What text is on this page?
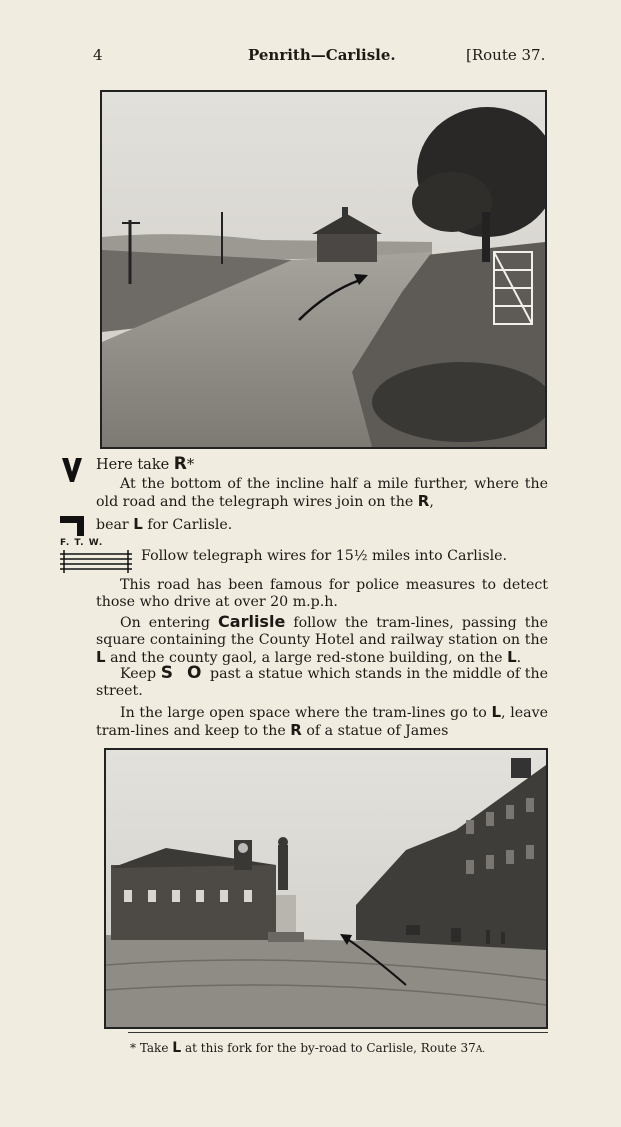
4	Penrith—Carlisle.	[Route 37.
Here take R*
At the bottom of the incline half a mile further, where the old road and the telegraph wires join on the R,
bear L for Carlisle.
F. T. W.
Follow telegraph wires for 15½ miles into Carlisle.
This road has been famous for police measures to detect those who drive at over 20 m.p.h.
On entering Carlisle follow the tram-lines, passing the square containing the County Hotel and railway station on the L and the county gaol, a large red-stone building, on the L.
Keep S O past a statue which stands in the middle of the street.
In the large open space where the tram-lines go to L, leave tram-lines and keep to the R of a statue of James
* Take L at this fork for the by-road to Carlisle, Route 37A.
